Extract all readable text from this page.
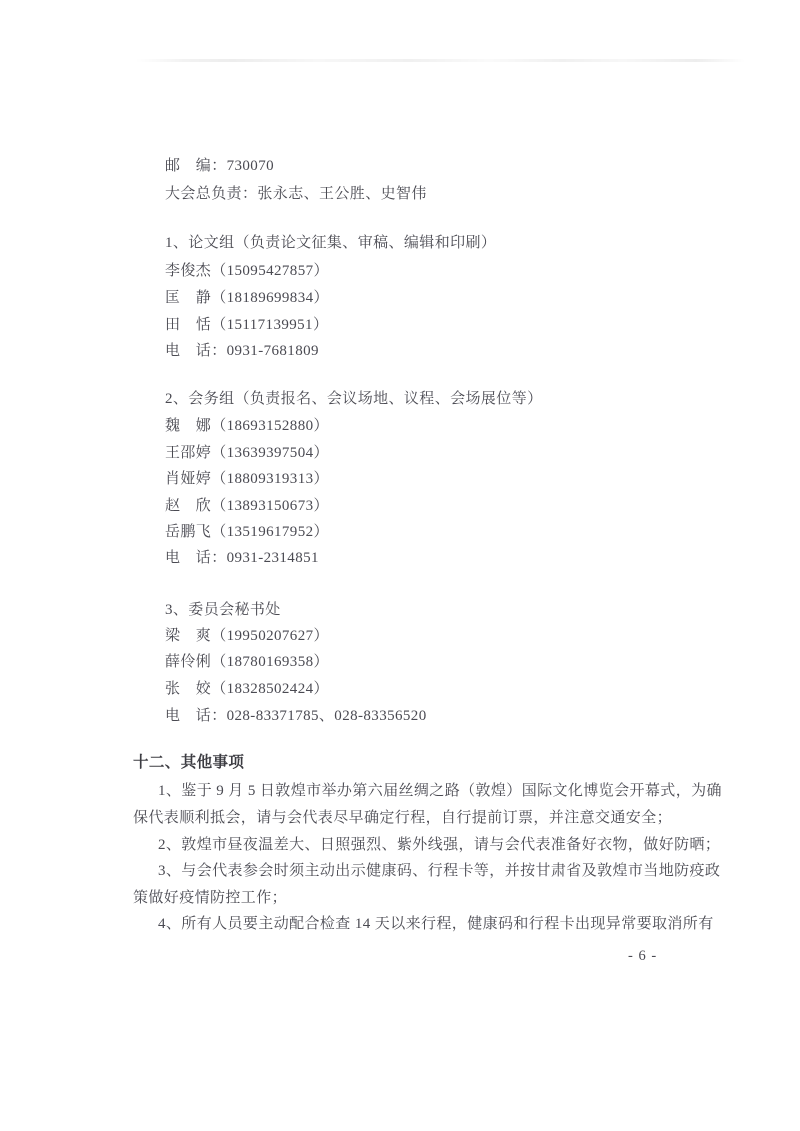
邮　编：730070
大会总负责：张永志、王公胜、史智伟
1、论文组（负责论文征集、审稿、编辑和印刷）
李俊杰（15095427857）
匡　静（18189699834）
田　恬（15117139951）
电　话：0931-7681809
2、会务组（负责报名、会议场地、议程、会场展位等）
魏　娜（18693152880）
王邵婷（13639397504）
肖娅婷（18809319313）
赵　欣（13893150673）
岳鹏飞（13519617952）
电　话：0931-2314851
3、委员会秘书处
梁　爽（19950207627）
薛伶俐（18780169358）
张　姣（18328502424）
电　话：028-83371785、028-83356520
十二、其他事项
1、鉴于 9 月 5 日敦煌市举办第六届丝绸之路（敦煌）国际文化博览会开幕式，为确
保代表顺利抵会，请与会代表尽早确定行程，自行提前订票，并注意交通安全；
2、敦煌市昼夜温差大、日照强烈、紫外线强，请与会代表准备好衣物，做好防晒；
3、与会代表参会时须主动出示健康码、行程卡等，并按甘肃省及敦煌市当地防疫政
策做好疫情防控工作；
4、所有人员要主动配合检查 14 天以来行程，健康码和行程卡出现异常要取消所有
- 6 -
